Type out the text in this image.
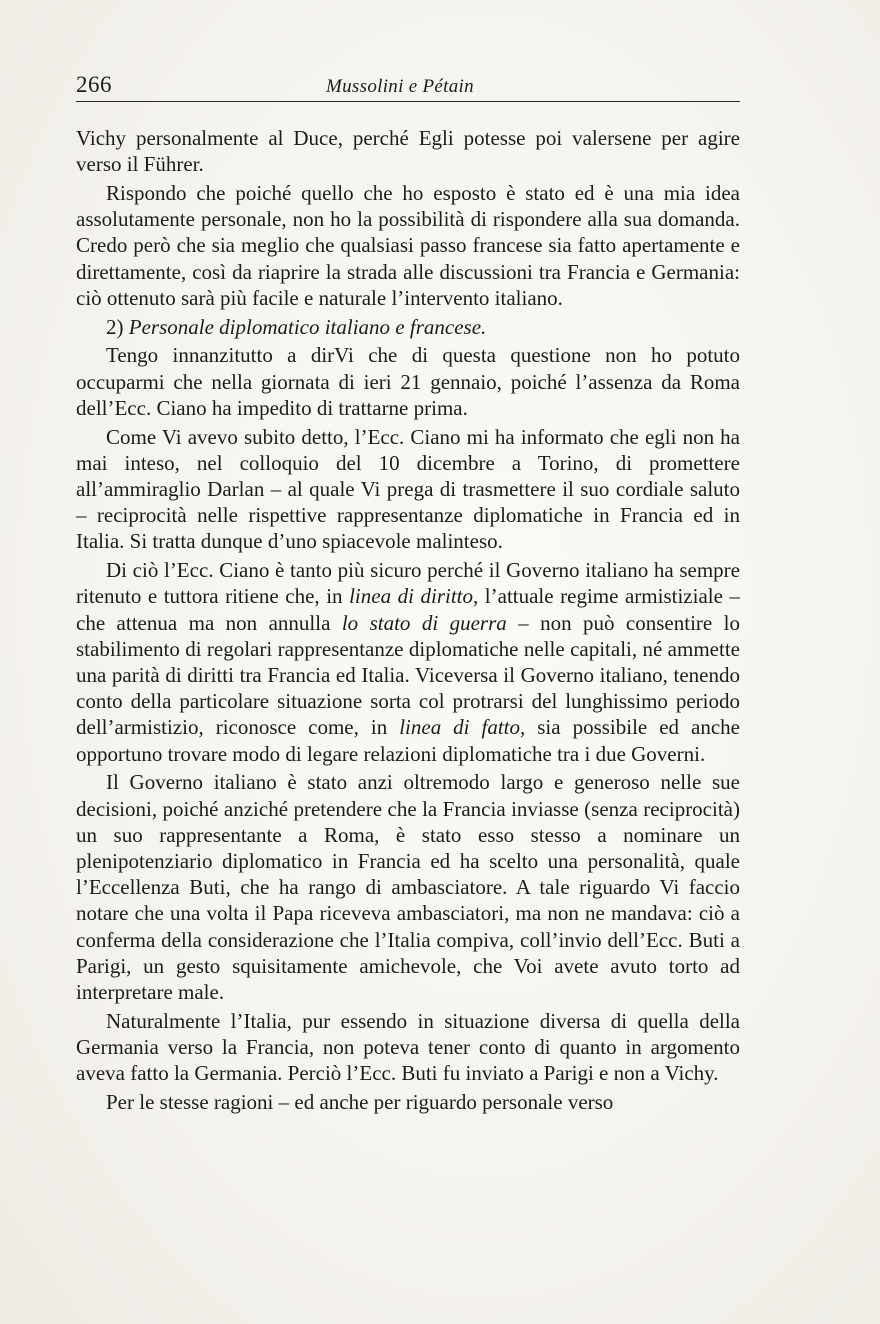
266	Mussolini e Pétain

Vichy personalmente al Duce, perché Egli potesse poi valersene per agire verso il Führer.

Rispondo che poiché quello che ho esposto è stato ed è una mia idea assolutamente personale, non ho la possibilità di rispondere alla sua domanda. Credo però che sia meglio che qualsiasi passo francese sia fatto apertamente e direttamente, così da riaprire la strada alle discussioni tra Francia e Germania: ciò ottenuto sarà più facile e naturale l’intervento italiano.

2) Personale diplomatico italiano e francese.

Tengo innanzitutto a dirVi che di questa questione non ho potuto occuparmi che nella giornata di ieri 21 gennaio, poiché l’assenza da Roma dell’Ecc. Ciano ha impedito di trattarne prima.

Come Vi avevo subito detto, l’Ecc. Ciano mi ha informato che egli non ha mai inteso, nel colloquio del 10 dicembre a Torino, di promettere all’ammiraglio Darlan – al quale Vi prega di trasmettere il suo cordiale saluto – reciprocità nelle rispettive rappresentanze diplomatiche in Francia ed in Italia. Si tratta dunque d’uno spiacevole malinteso.

Di ciò l’Ecc. Ciano è tanto più sicuro perché il Governo italiano ha sempre ritenuto e tuttora ritiene che, in linea di diritto, l’attuale regime armistiziale – che attenua ma non annulla lo stato di guerra – non può consentire lo stabilimento di regolari rappresentanze diplomatiche nelle capitali, né ammette una parità di diritti tra Francia ed Italia. Viceversa il Governo italiano, tenendo conto della particolare situazione sorta col protrarsi del lunghissimo periodo dell’armistizio, riconosce come, in linea di fatto, sia possibile ed anche opportuno trovare modo di legare relazioni diplomatiche tra i due Governi.

Il Governo italiano è stato anzi oltremodo largo e generoso nelle sue decisioni, poiché anziché pretendere che la Francia inviasse (senza reciprocità) un suo rappresentante a Roma, è stato esso stesso a nominare un plenipotenziario diplomatico in Francia ed ha scelto una personalità, quale l’Eccellenza Buti, che ha rango di ambasciatore. A tale riguardo Vi faccio notare che una volta il Papa riceveva ambasciatori, ma non ne mandava: ciò a conferma della considerazione che l’Italia compiva, coll’invio dell’Ecc. Buti a Parigi, un gesto squisitamente amichevole, che Voi avete avuto torto ad interpretare male.

Naturalmente l’Italia, pur essendo in situazione diversa di quella della Germania verso la Francia, non poteva tener conto di quanto in argomento aveva fatto la Germania. Perciò l’Ecc. Buti fu inviato a Parigi e non a Vichy.

Per le stesse ragioni – ed anche per riguardo personale verso
